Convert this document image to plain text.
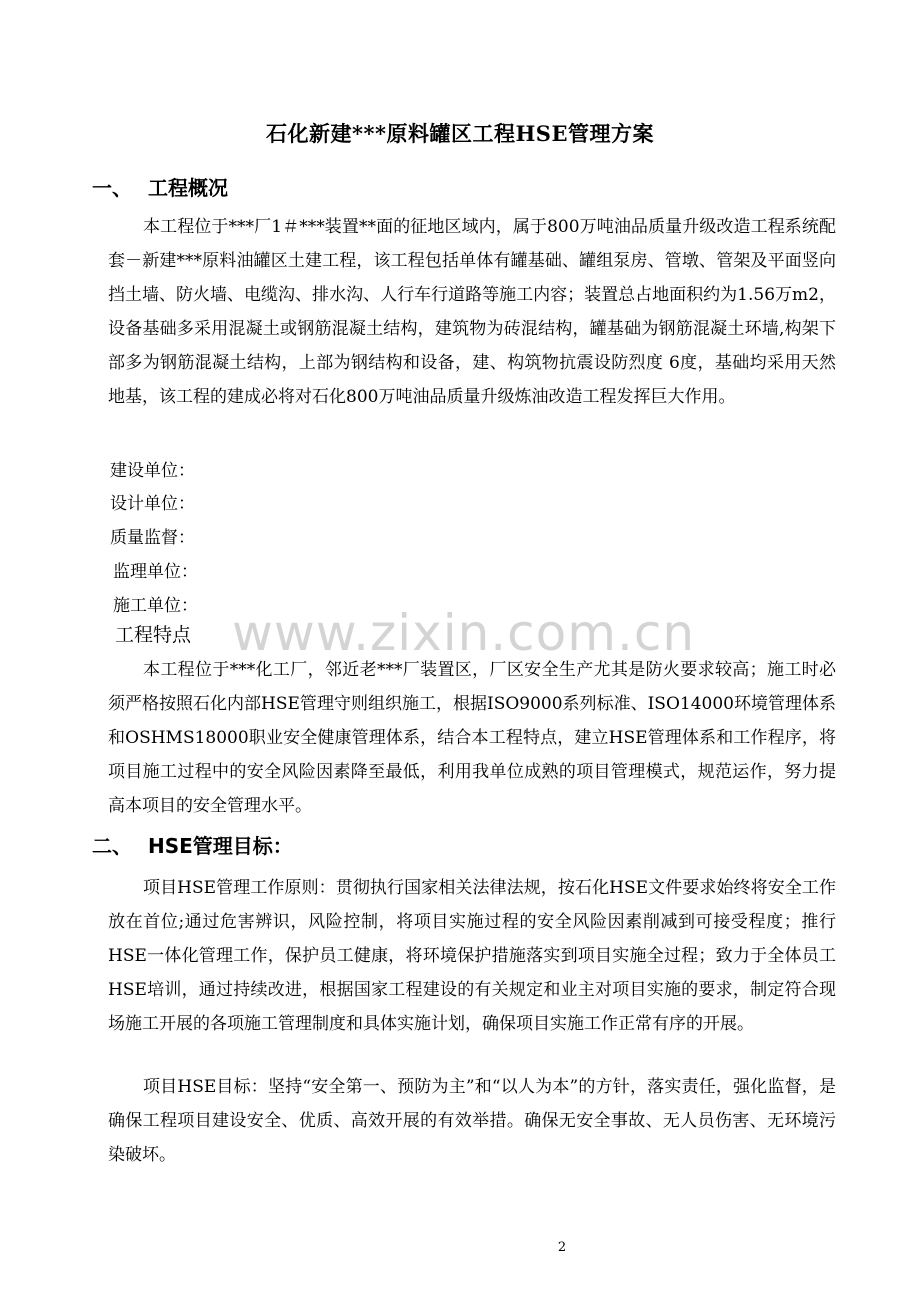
石化新建***原料罐区工程HSE管理方案
一、 工程概况
本工程位于***厂1＃***装置**面的征地区域内，属于800万吨油品质量升级改造工程系统配套－新建***原料油罐区土建工程，该工程包括单体有罐基础、罐组泵房、管墩、管架及平面竖向挡土墙、防火墙、电缆沟、排水沟、人行车行道路等施工内容；装置总占地面积约为1.56万m2，设备基础多采用混凝土或钢筋混凝土结构，建筑物为砖混结构，罐基础为钢筋混凝土环墙,构架下部多为钢筋混凝土结构，上部为钢结构和设备，建、构筑物抗震设防烈度 6度，基础均采用天然地基，该工程的建成必将对石化800万吨油品质量升级炼油改造工程发挥巨大作用。
建设单位：
设计单位：
质量监督：
监理单位：
施工单位： www.zixin.com.cn
工程特点
本工程位于***化工厂，邻近老***厂装置区，厂区安全生产尤其是防火要求较高；施工时必须严格按照石化内部HSE管理守则组织施工，根据ISO9000系列标准、ISO14000环境管理体系和OSHMS18000职业安全健康管理体系，结合本工程特点，建立HSE管理体系和工作程序，将项目施工过程中的安全风险因素降至最低，利用我单位成熟的项目管理模式，规范运作，努力提高本项目的安全管理水平。
二、 HSE管理目标：
项目HSE管理工作原则：贯彻执行国家相关法律法规，按石化HSE文件要求始终将安全工作放在首位;通过危害辨识，风险控制，将项目实施过程的安全风险因素削减到可接受程度；推行HSE一体化管理工作，保护员工健康，将环境保护措施落实到项目实施全过程；致力于全体员工HSE培训，通过持续改进，根据国家工程建设的有关规定和业主对项目实施的要求，制定符合现场施工开展的各项施工管理制度和具体实施计划，确保项目实施工作正常有序的开展。
项目HSE目标：坚持“安全第一、预防为主”和“以人为本”的方针，落实责任，强化监督，是确保工程项目建设安全、优质、高效开展的有效举措。确保无安全事故、无人员伤害、无环境污染破坏。
2
